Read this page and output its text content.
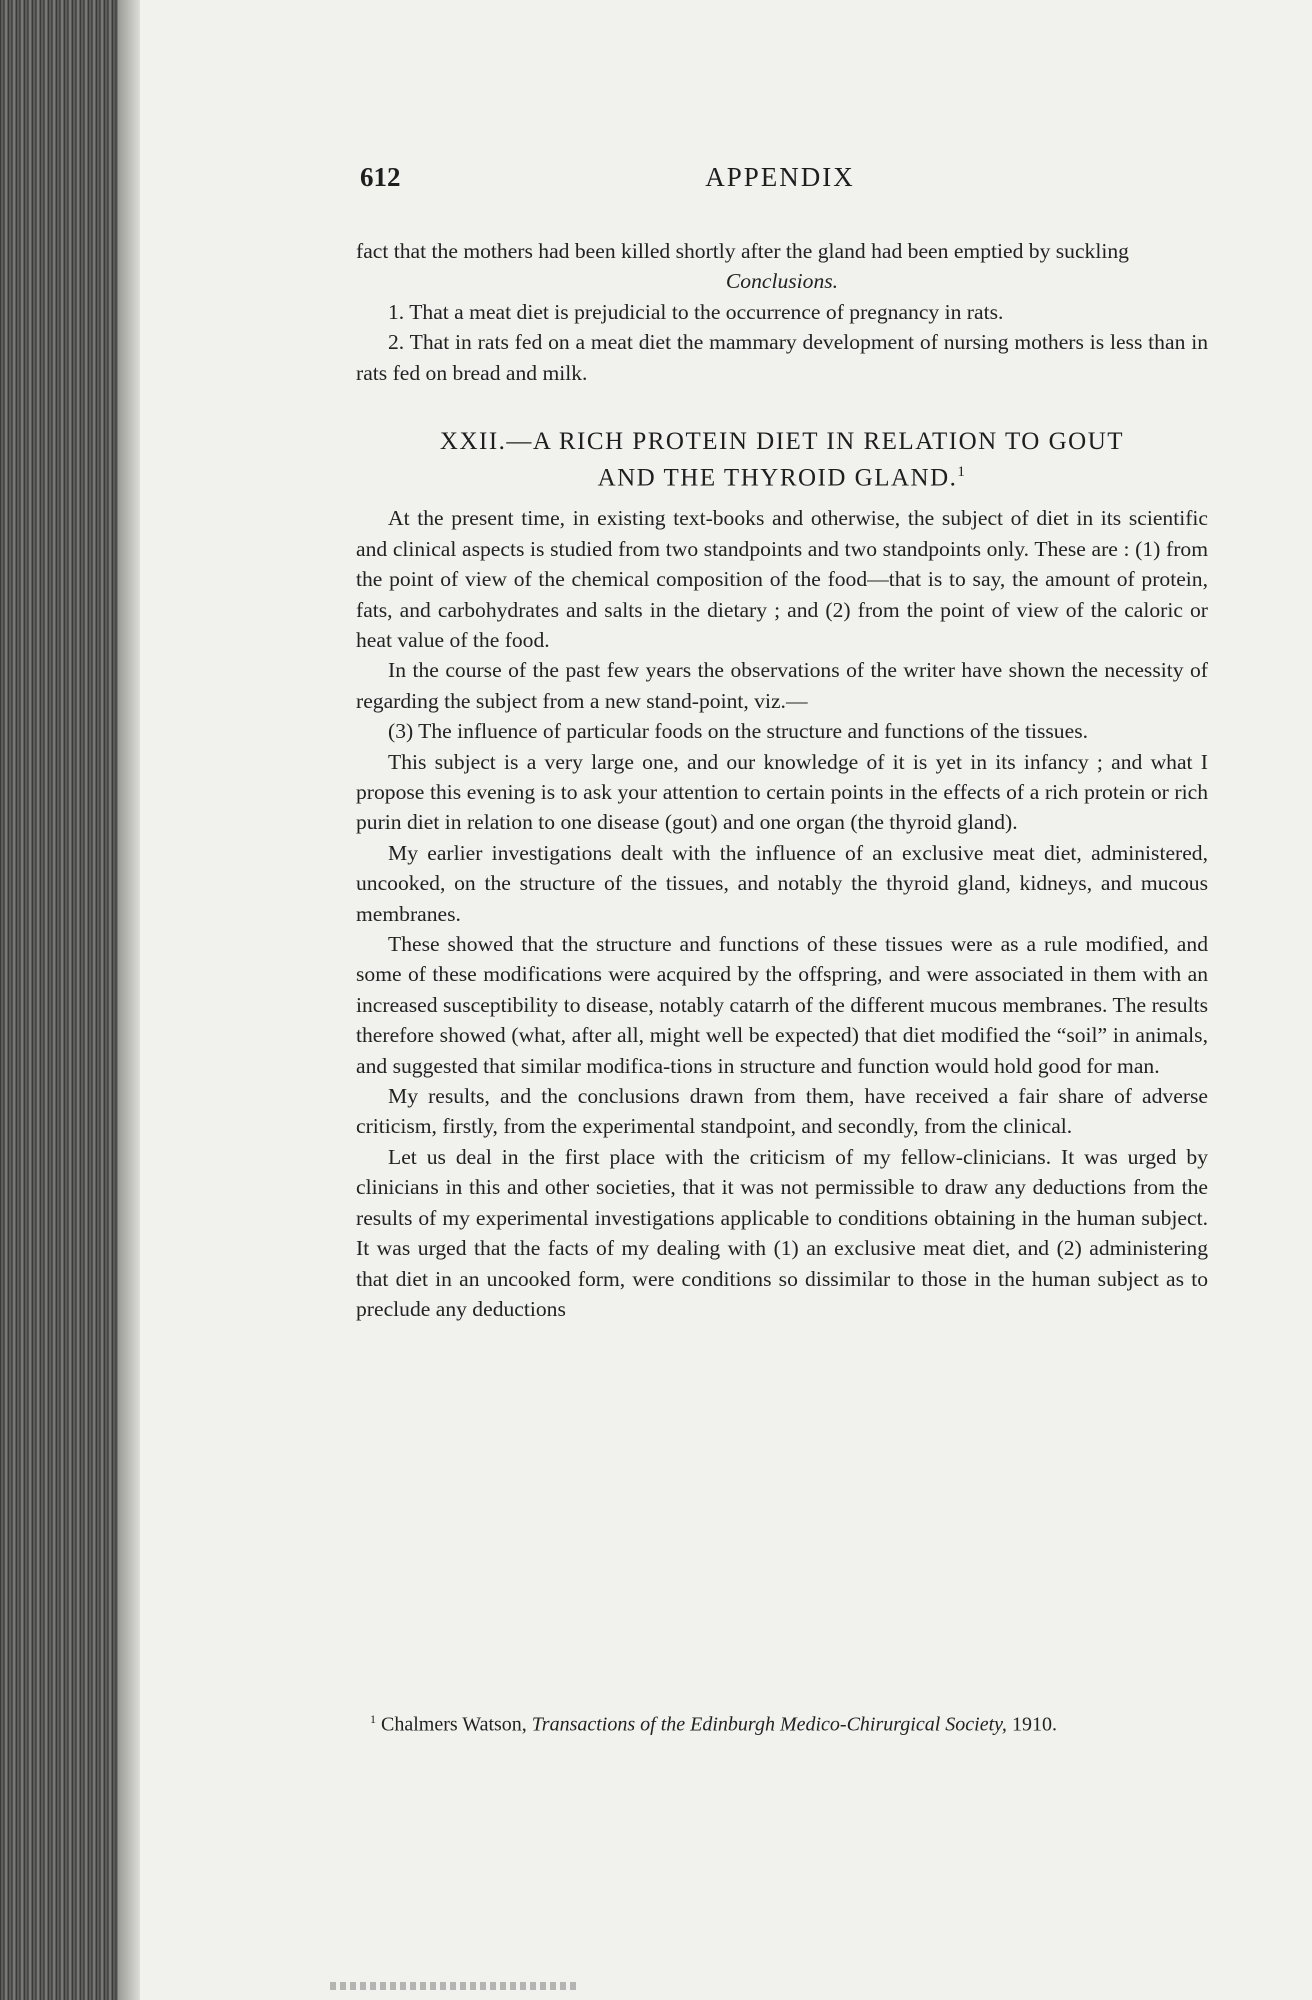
612	APPENDIX

fact that the mothers had been killed shortly after the gland had been emptied by suckling

Conclusions.

1. That a meat diet is prejudicial to the occurrence of pregnancy in rats.

2. That in rats fed on a meat diet the mammary development of nursing mothers is less than in rats fed on bread and milk.

XXII.—A RICH PROTEIN DIET IN RELATION TO GOUT
AND THE THYROID GLAND.$^1$

At the present time, in existing text-books and otherwise, the subject of diet in its scientific and clinical aspects is studied from two standpoints and two standpoints only. These are : (1) from the point of view of the chemical composition of the food—that is to say, the amount of protein, fats, and carbohydrates and salts in the dietary ; and (2) from the point of view of the caloric or heat value of the food.

In the course of the past few years the observations of the writer have shown the necessity of regarding the subject from a new stand-point, viz.—

(3) The influence of particular foods on the structure and functions of the tissues.

This subject is a very large one, and our knowledge of it is yet in its infancy ; and what I propose this evening is to ask your attention to certain points in the effects of a rich protein or rich purin diet in relation to one disease (gout) and one organ (the thyroid gland).

My earlier investigations dealt with the influence of an exclusive meat diet, administered, uncooked, on the structure of the tissues, and notably the thyroid gland, kidneys, and mucous membranes.

These showed that the structure and functions of these tissues were as a rule modified, and some of these modifications were acquired by the offspring, and were associated in them with an increased susceptibility to disease, notably catarrh of the different mucous membranes. The results therefore showed (what, after all, might well be expected) that diet modified the “soil” in animals, and suggested that similar modifica-tions in structure and function would hold good for man.

My results, and the conclusions drawn from them, have received a fair share of adverse criticism, firstly, from the experimental standpoint, and secondly, from the clinical.

Let us deal in the first place with the criticism of my fellow-clinicians. It was urged by clinicians in this and other societies, that it was not permissible to draw any deductions from the results of my experimental investigations applicable to conditions obtaining in the human subject. It was urged that the facts of my dealing with (1) an exclusive meat diet, and (2) administering that diet in an uncooked form, were conditions so dissimilar to those in the human subject as to preclude any deductions

$^1$ Chalmers Watson, Transactions of the Edinburgh Medico-Chirurgical Society, 1910.
